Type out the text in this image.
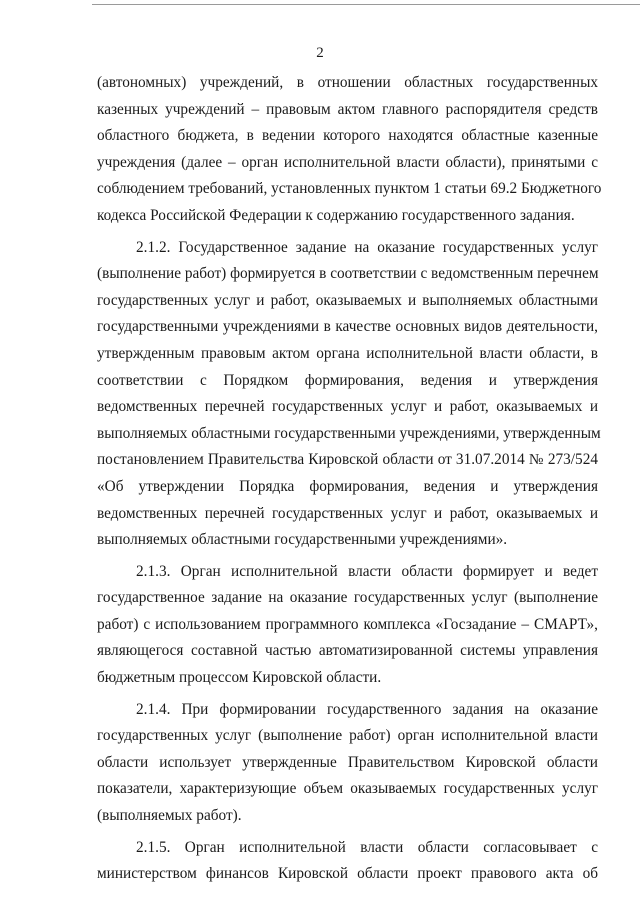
2
(автономных) учреждений, в отношении областных государственных
казенных учреждений – правовым актом главного распорядителя средств
областного бюджета, в ведении которого находятся областные казенные
учреждения (далее – орган исполнительной власти области), принятыми с
соблюдением требований, установленных пунктом 1 статьи 69.2 Бюджетного
кодекса Российской Федерации к содержанию государственного задания.
2.1.2. Государственное задание на оказание государственных услуг
(выполнение работ) формируется в соответствии с ведомственным перечнем
государственных услуг и работ, оказываемых и выполняемых областными
государственными учреждениями в качестве основных видов деятельности,
утвержденным правовым актом органа исполнительной власти области, в
соответствии с Порядком формирования, ведения и утверждения
ведомственных перечней государственных услуг и работ, оказываемых и
выполняемых областными государственными учреждениями, утвержденным
постановлением Правительства Кировской области от 31.07.2014 № 273/524
«Об утверждении Порядка формирования, ведения и утверждения
ведомственных перечней государственных услуг и работ, оказываемых и
выполняемых областными государственными учреждениями».
2.1.3. Орган исполнительной власти области формирует и ведет
государственное задание на оказание государственных услуг (выполнение
работ) с использованием программного комплекса «Госзадание – СМАРТ»,
являющегося составной частью автоматизированной системы управления
бюджетным процессом Кировской области.
2.1.4. При формировании государственного задания на оказание
государственных услуг (выполнение работ) орган исполнительной власти
области использует утвержденные Правительством Кировской области
показатели, характеризующие объем оказываемых государственных услуг
(выполняемых работ).
2.1.5. Орган исполнительной власти области согласовывает с
министерством финансов Кировской области проект правового акта об
